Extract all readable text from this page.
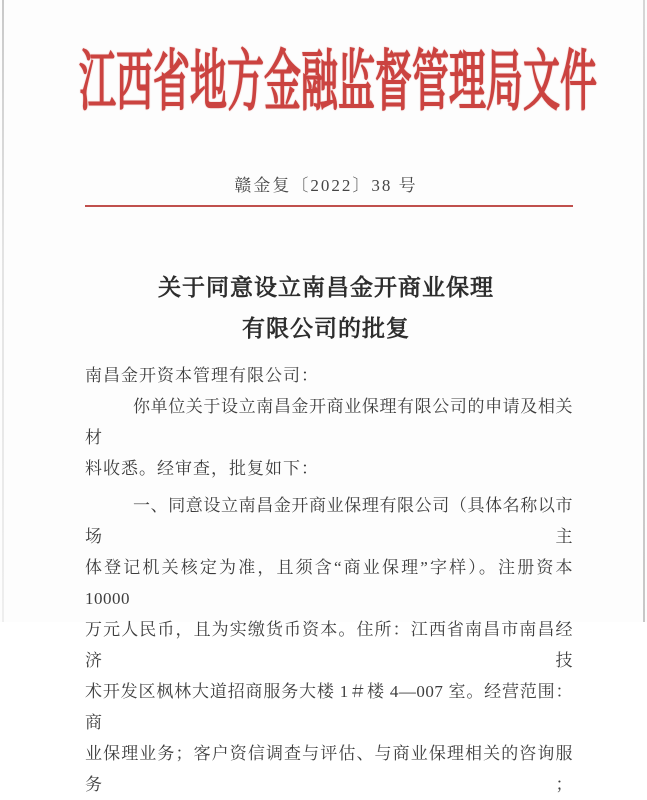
江西省地方金融监督管理局文件
赣金复〔2022〕38 号
关于同意设立南昌金开商业保理
有限公司的批复
南昌金开资本管理有限公司：
你单位关于设立南昌金开商业保理有限公司的申请及相关材
料收悉。经审查，批复如下：
一、同意设立南昌金开商业保理有限公司（具体名称以市场主
体登记机关核定为准，且须含“商业保理”字样）。注册资本 10000
万元人民币，且为实缴货币资本。住所：江西省南昌市南昌经济技
术开发区枫林大道招商服务大楼 1＃楼 4—007 室。经营范围：商
业保理业务；客户资信调查与评估、与商业保理相关的咨询服务；
